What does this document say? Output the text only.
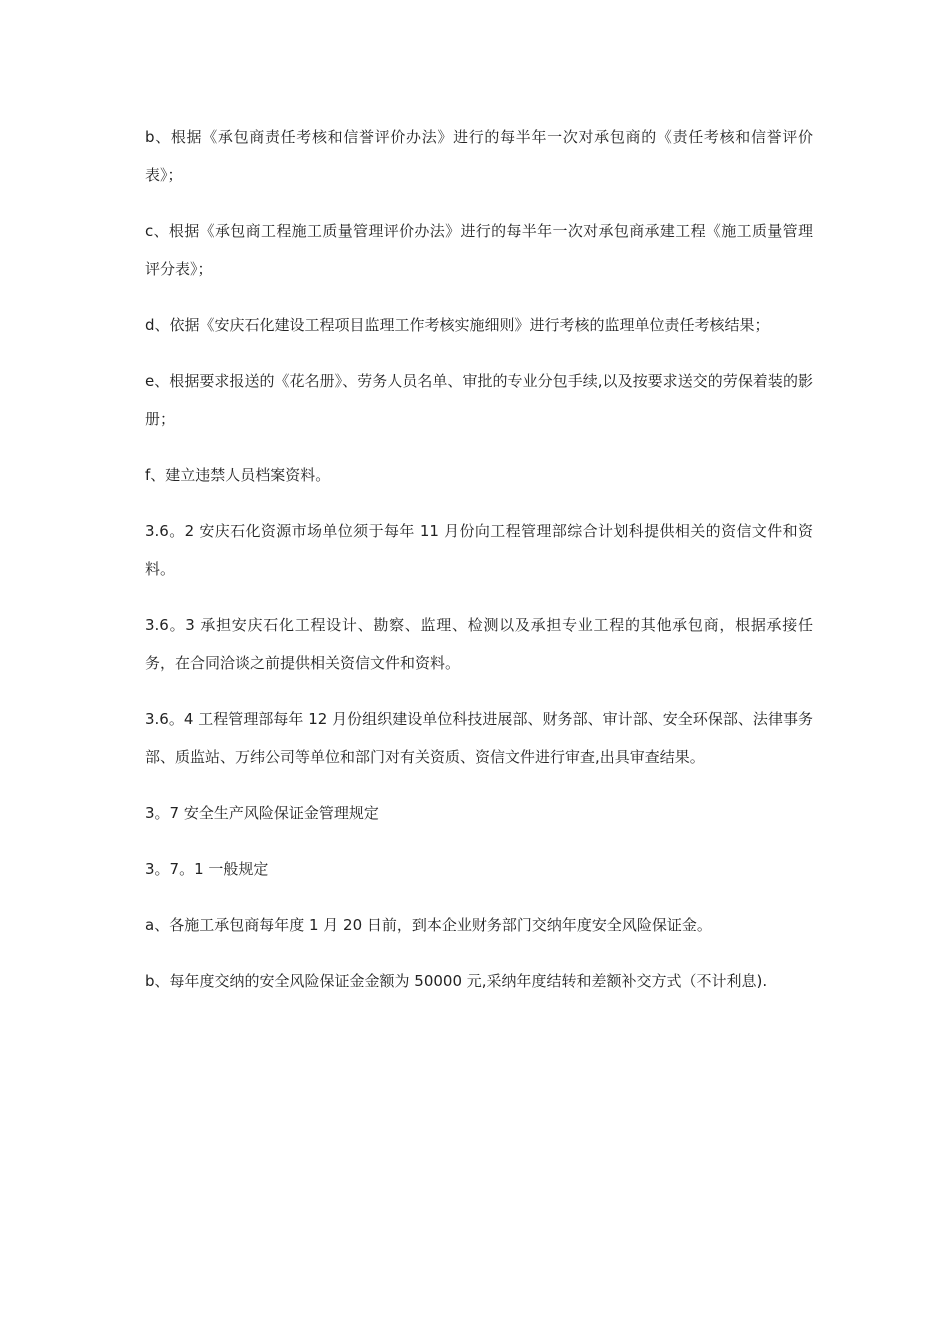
b、根据《承包商责任考核和信誉评价办法》进行的每半年一次对承包商的《责任考核和信誉评价表》；

c、根据《承包商工程施工质量管理评价办法》进行的每半年一次对承包商承建工程《施工质量管理评分表》；

d、依据《安庆石化建设工程项目监理工作考核实施细则》进行考核的监理单位责任考核结果；

e、根据要求报送的《花名册》、劳务人员名单、审批的专业分包手续,以及按要求送交的劳保着装的影册；

f、建立违禁人员档案资料。

3.6。2 安庆石化资源市场单位须于每年 11 月份向工程管理部综合计划科提供相关的资信文件和资料。

3.6。3 承担安庆石化工程设计、勘察、监理、检测以及承担专业工程的其他承包商，根据承接任务，在合同洽谈之前提供相关资信文件和资料。

3.6。4 工程管理部每年 12 月份组织建设单位科技进展部、财务部、审计部、安全环保部、法律事务部、质监站、万纬公司等单位和部门对有关资质、资信文件进行审查,出具审查结果。

3。7 安全生产风险保证金管理规定

3。7。1 一般规定

a、各施工承包商每年度 1 月 20 日前，到本企业财务部门交纳年度安全风险保证金。

b、每年度交纳的安全风险保证金金额为 50000 元,采纳年度结转和差额补交方式（不计利息).
